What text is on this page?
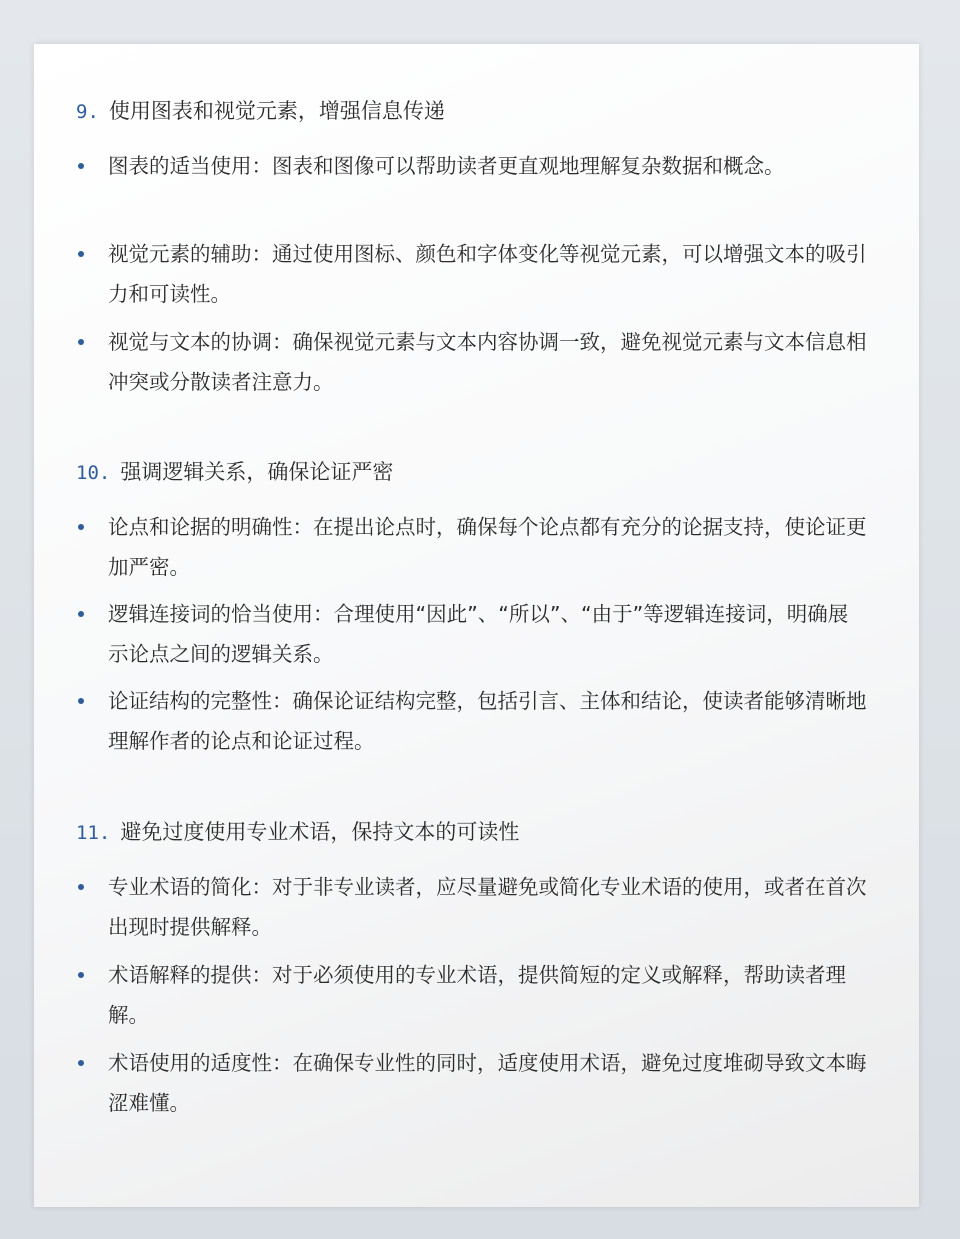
9. 使用图表和视觉元素，增强信息传递
图表的适当使用：图表和图像可以帮助读者更直观地理解复杂数据和概念。
视觉元素的辅助：通过使用图标、颜色和字体变化等视觉元素，可以增强文本的吸引力和可读性。
视觉与文本的协调：确保视觉元素与文本内容协调一致，避免视觉元素与文本信息相冲突或分散读者注意力。
10. 强调逻辑关系，确保论证严密
论点和论据的明确性：在提出论点时，确保每个论点都有充分的论据支持，使论证更加严密。
逻辑连接词的恰当使用：合理使用“因此”、“所以”、“由于”等逻辑连接词，明确展示论点之间的逻辑关系。
论证结构的完整性：确保论证结构完整，包括引言、主体和结论，使读者能够清晰地理解作者的论点和论证过程。
11. 避免过度使用专业术语，保持文本的可读性
专业术语的简化：对于非专业读者，应尽量避免或简化专业术语的使用，或者在首次出现时提供解释。
术语解释的提供：对于必须使用的专业术语，提供简短的定义或解释，帮助读者理解。
术语使用的适度性：在确保专业性的同时，适度使用术语，避免过度堆砌导致文本晦涩难懂。
